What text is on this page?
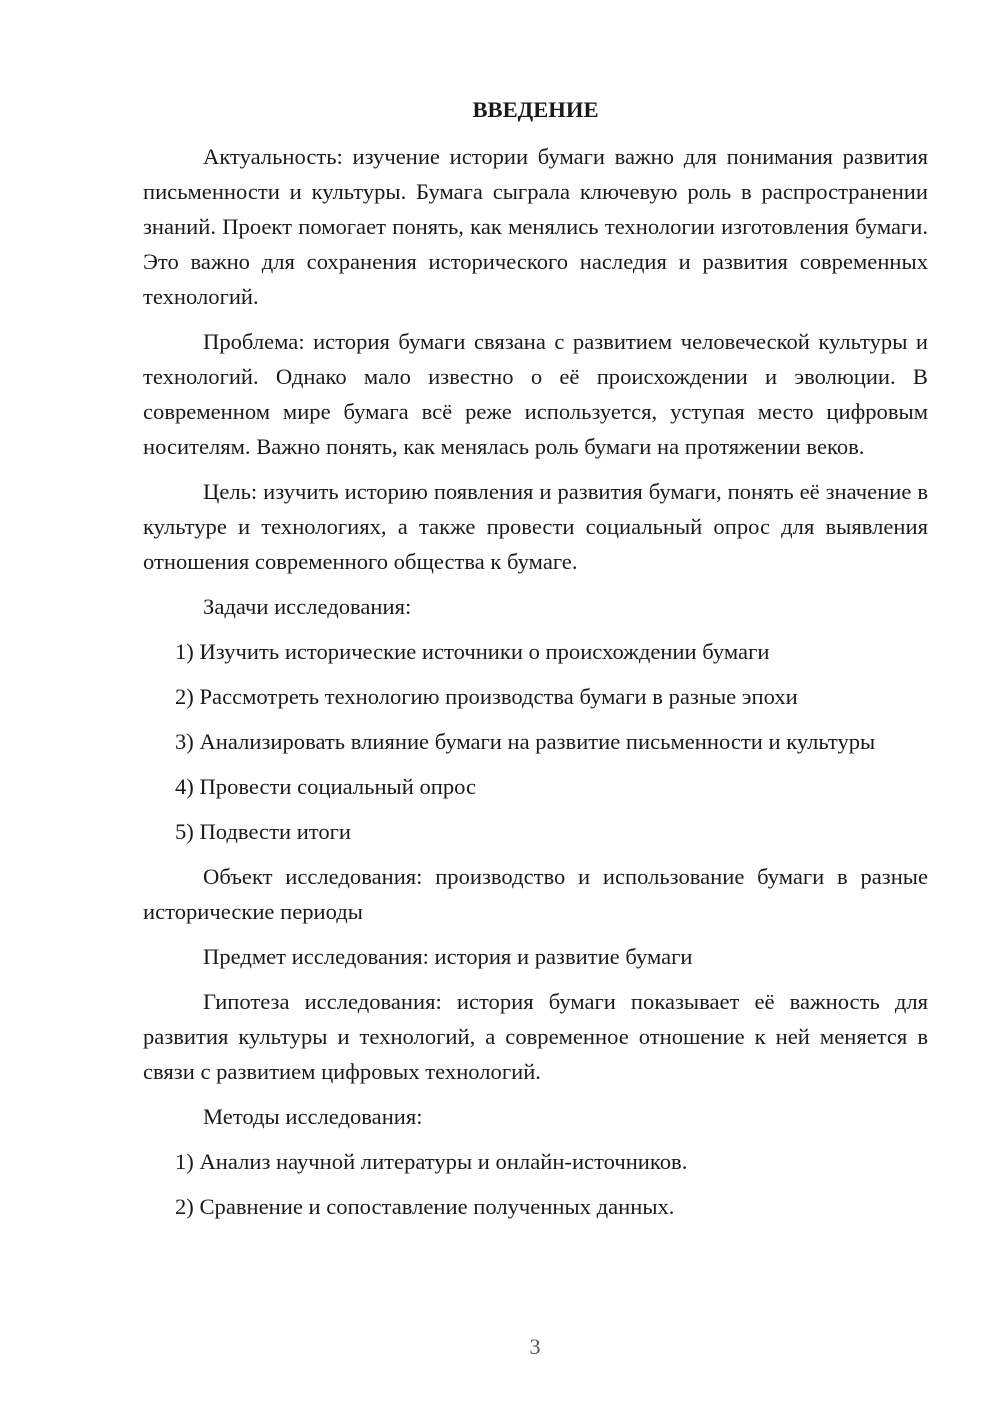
ВВЕДЕНИЕ

Актуальность: изучение истории бумаги важно для понимания развития письменности и культуры. Бумага сыграла ключевую роль в распространении знаний. Проект помогает понять, как менялись технологии изготовления бумаги. Это важно для сохранения исторического наследия и развития современных технологий.

Проблема: история бумаги связана с развитием человеческой культуры и технологий. Однако мало известно о её происхождении и эволюции. В современном мире бумага всё реже используется, уступая место цифровым носителям. Важно понять, как менялась роль бумаги на протяжении веков.

Цель: изучить историю появления и развития бумаги, понять её значение в культуре и технологиях, а также провести социальный опрос для выявления отношения современного общества к бумаге.

Задачи исследования:

1) Изучить исторические источники о происхождении бумаги

2) Рассмотреть технологию производства бумаги в разные эпохи

3) Анализировать влияние бумаги на развитие письменности и культуры

4) Провести социальный опрос

5) Подвести итоги

Объект исследования: производство и использование бумаги в разные исторические периоды

Предмет исследования: история и развитие бумаги

Гипотеза исследования: история бумаги показывает её важность для развития культуры и технологий, а современное отношение к ней меняется в связи с развитием цифровых технологий.

Методы исследования:

1) Анализ научной литературы и онлайн-источников.

2) Сравнение и сопоставление полученных данных.

3
